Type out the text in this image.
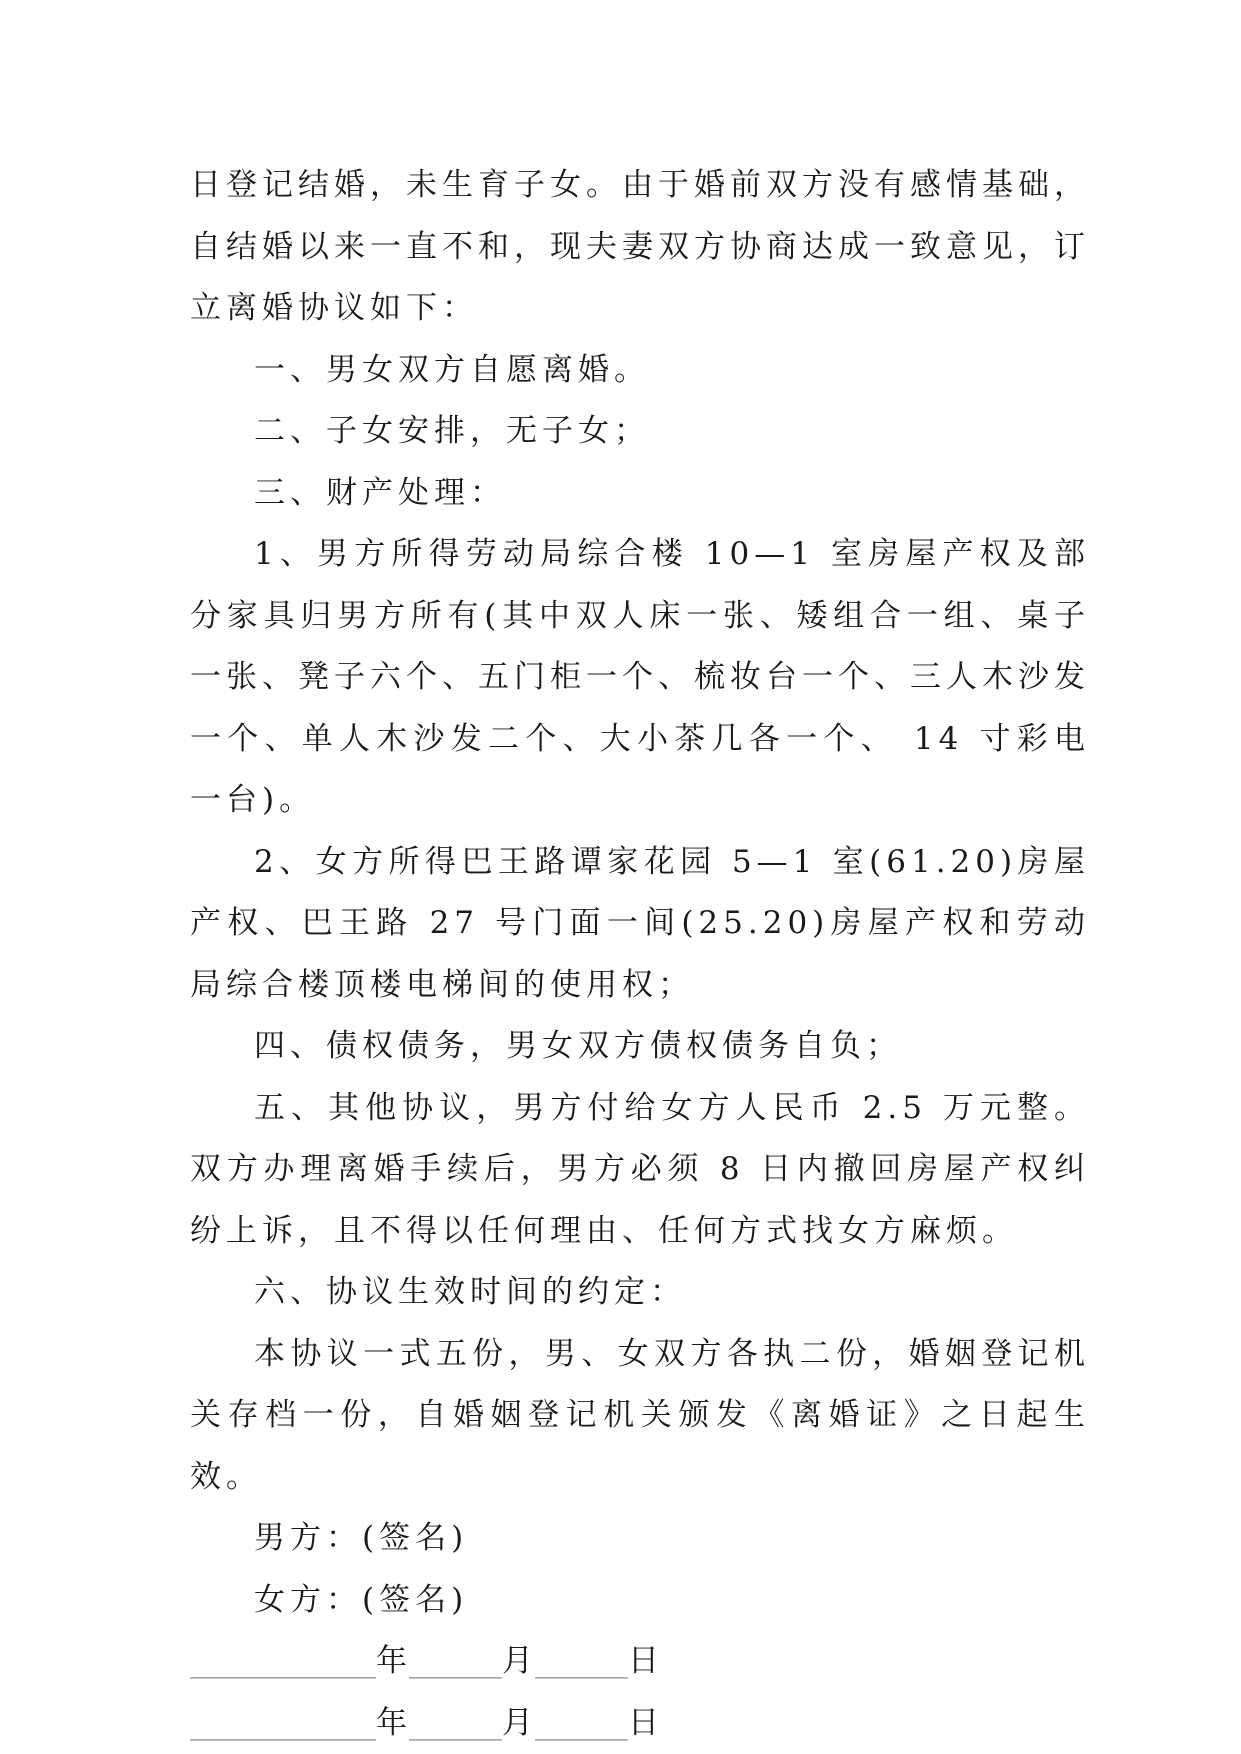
日登记结婚，未生育子女。由于婚前双方没有感情基础，自结婚以来一直不和，现夫妻双方协商达成一致意见，订立离婚协议如下：

一、男女双方自愿离婚。

二、子女安排，无子女；

三、财产处理：

1、男方所得劳动局综合楼 10—1 室房屋产权及部分家具归男方所有(其中双人床一张、矮组合一组、桌子一张、凳子六个、五门柜一个、梳妆台一个、三人木沙发一个、单人木沙发二个、大小茶几各一个、 14 寸彩电一台)。

2、女方所得巴王路谭家花园 5—1 室(61.20)房屋产权、巴王路 27 号门面一间(25.20)房屋产权和劳动局综合楼顶楼电梯间的使用权；

四、债权债务，男女双方债权债务自负；

五、其他协议，男方付给女方人民币 2.5 万元整。双方办理离婚手续后，男方必须 8 日内撤回房屋产权纠纷上诉，且不得以任何理由、任何方式找女方麻烦。

六、协议生效时间的约定：

本协议一式五份，男、女双方各执二份，婚姻登记机关存档一份，自婚姻登记机关颁发《离婚证》之日起生效。

男方：(签名)

女方：(签名)

____________年______月______日

____________年______月______日
